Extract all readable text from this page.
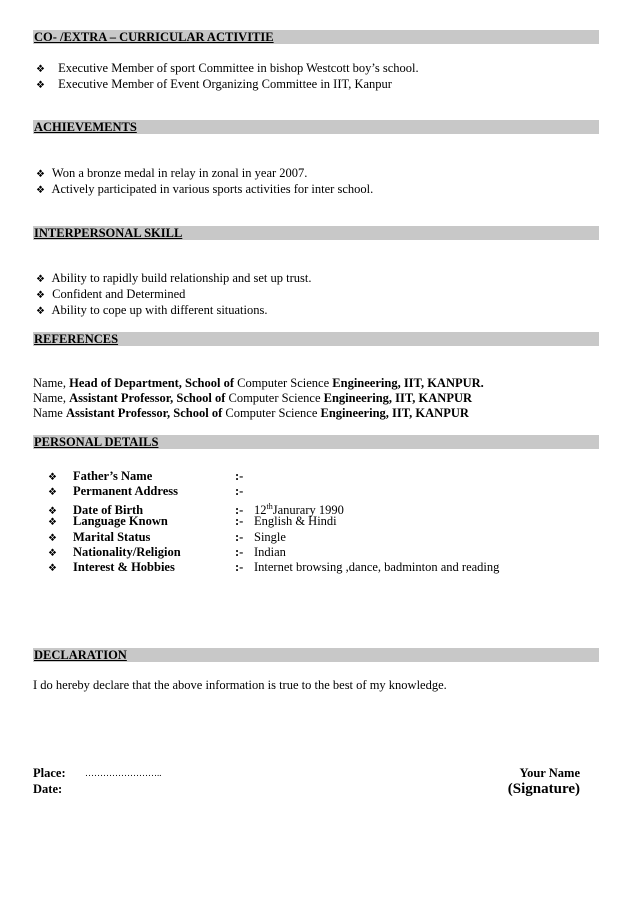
CO- /EXTRA – CURRICULAR ACTIVITIE
❖ Executive Member of sport Committee in bishop Westcott boy’s school.
❖ Executive Member of Event Organizing Committee in IIT, Kanpur
ACHIEVEMENTS
❖ Won a bronze medal in relay in zonal in year 2007.
❖ Actively participated in various sports activities for inter school.
INTERPERSONAL SKILL
❖ Ability to rapidly build relationship and set up trust.
❖ Confident and Determined
❖ Ability to cope up with different situations.
REFERENCES
Name, Head of Department, School of Computer Science Engineering, IIT, KANPUR.
Name, Assistant Professor, School of Computer Science Engineering, IIT, KANPUR
Name Assistant Professor, School of Computer Science Engineering, IIT, KANPUR
PERSONAL DETAILS
❖ Father’s Name	:-
❖ Permanent Address	:-
❖ Date of Birth	:- 12thJanurary 1990
❖ Language Known	:- English & Hindi
❖ Marital Status	:- Single
❖ Nationality/Religion	:- Indian
❖ Interest & Hobbies	:- Internet browsing ,dance, badminton and reading
DECLARATION
I do hereby declare that the above information is true to the best of my knowledge.
Place: ……………………..
Date:
Your Name
(Signature)
